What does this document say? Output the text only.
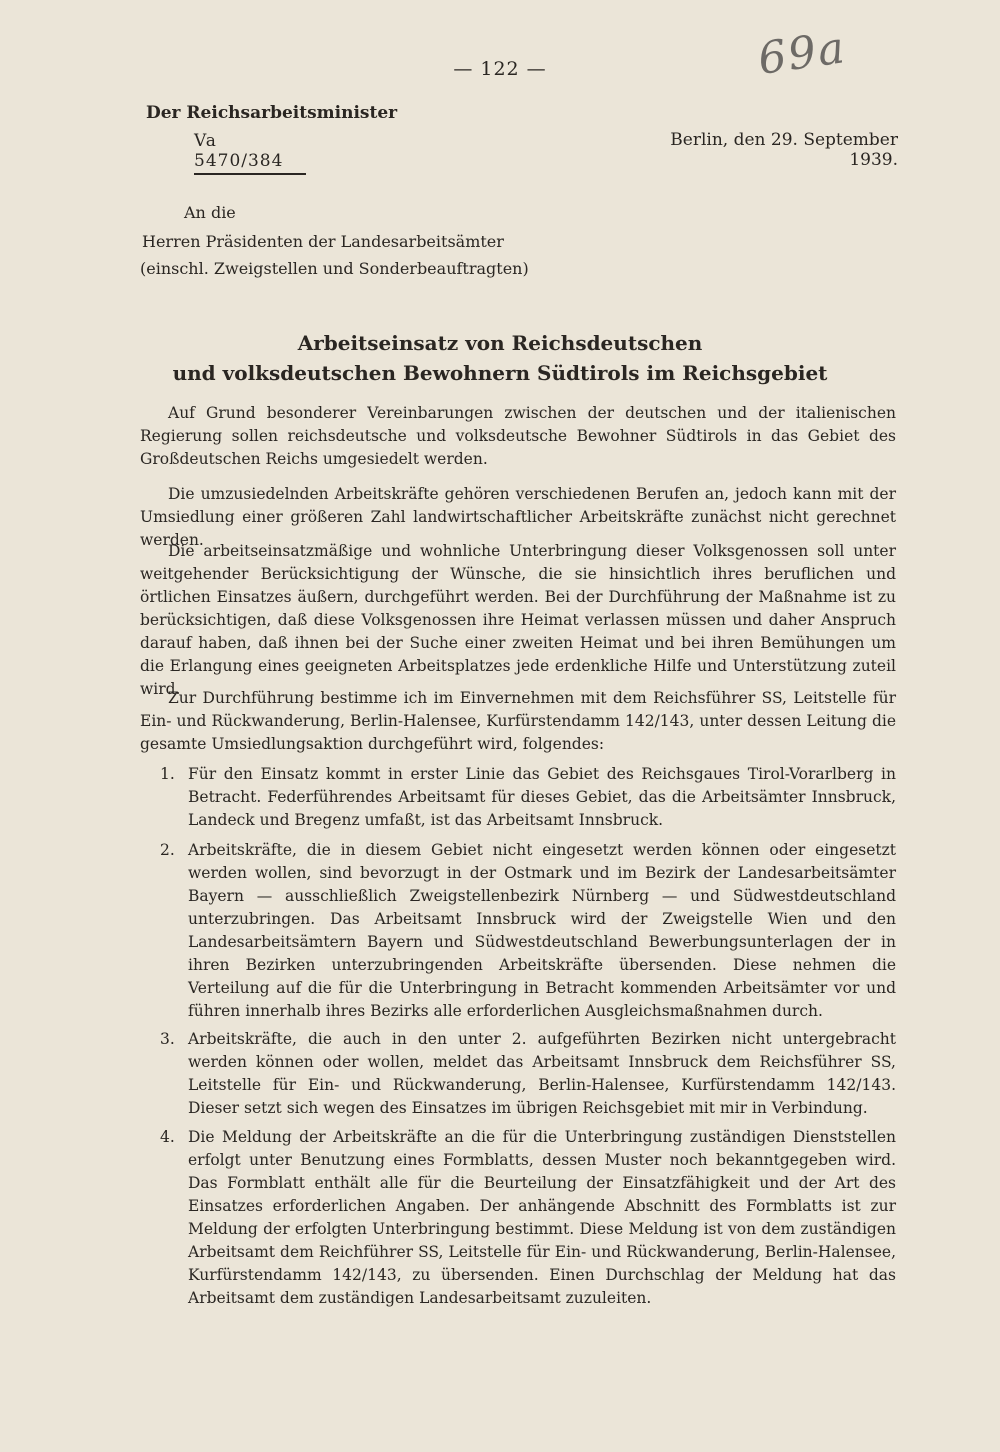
— 122 —	69a
Der Reichsarbeitsminister
Va 5470/384
Berlin, den 29. September 1939.
An die
Herren Präsidenten der Landesarbeitsämter
(einschl. Zweigstellen und Sonderbeauftragten)
Arbeitseinsatz von Reichsdeutschen
und volksdeutschen Bewohnern Südtirols im Reichsgebiet

Auf Grund besonderer Vereinbarungen zwischen der deutschen und der italienischen Regierung sollen reichsdeutsche und volksdeutsche Bewohner Südtirols in das Gebiet des Großdeutschen Reichs umgesiedelt werden.

Die umzusiedelnden Arbeitskräfte gehören verschiedenen Berufen an, jedoch kann mit der Umsiedlung einer größeren Zahl landwirtschaftlicher Arbeitskräfte zunächst nicht gerechnet werden.

Die arbeitseinsatzmäßige und wohnliche Unterbringung dieser Volksgenossen soll unter weitgehender Berücksichtigung der Wünsche, die sie hinsichtlich ihres beruflichen und örtlichen Einsatzes äußern, durchgeführt werden. Bei der Durchführung der Maßnahme ist zu berücksichtigen, daß diese Volksgenossen ihre Heimat verlassen müssen und daher Anspruch darauf haben, daß ihnen bei der Suche einer zweiten Heimat und bei ihren Bemühungen um die Erlangung eines geeigneten Arbeitsplatzes jede erdenkliche Hilfe und Unterstützung zuteil wird.

Zur Durchführung bestimme ich im Einvernehmen mit dem Reichsführer SS, Leitstelle für Ein- und Rückwanderung, Berlin-Halensee, Kurfürstendamm 142/143, unter dessen Leitung die gesamte Umsiedlungsaktion durchgeführt wird, folgendes:

1. Für den Einsatz kommt in erster Linie das Gebiet des Reichsgaues Tirol-Vorarlberg in Betracht. Federführendes Arbeitsamt für dieses Gebiet, das die Arbeitsämter Innsbruck, Landeck und Bregenz umfaßt, ist das Arbeitsamt Innsbruck.
2. Arbeitskräfte, die in diesem Gebiet nicht eingesetzt werden können oder eingesetzt werden wollen, sind bevorzugt in der Ostmark und im Bezirk der Landesarbeitsämter Bayern — ausschließlich Zweigstellenbezirk Nürnberg — und Südwestdeutschland unterzubringen. Das Arbeitsamt Innsbruck wird der Zweigstelle Wien und den Landesarbeitsämtern Bayern und Südwestdeutschland Bewerbungsunterlagen der in ihren Bezirken unterzubringenden Arbeitskräfte übersenden. Diese nehmen die Verteilung auf die für die Unterbringung in Betracht kommenden Arbeitsämter vor und führen innerhalb ihres Bezirks alle erforderlichen Ausgleichsmaßnahmen durch.
3. Arbeitskräfte, die auch in den unter 2. aufgeführten Bezirken nicht untergebracht werden können oder wollen, meldet das Arbeitsamt Innsbruck dem Reichsführer SS, Leitstelle für Ein- und Rückwanderung, Berlin-Halensee, Kurfürstendamm 142/143. Dieser setzt sich wegen des Einsatzes im übrigen Reichsgebiet mit mir in Verbindung.
4. Die Meldung der Arbeitskräfte an die für die Unterbringung zuständigen Dienststellen erfolgt unter Benutzung eines Formblatts, dessen Muster noch bekanntgegeben wird. Das Formblatt enthält alle für die Beurteilung der Einsatzfähigkeit und der Art des Einsatzes erforderlichen Angaben. Der anhängende Abschnitt des Formblatts ist zur Meldung der erfolgten Unterbringung bestimmt. Diese Meldung ist von dem zuständigen Arbeitsamt dem Reichführer SS, Leitstelle für Ein- und Rückwanderung, Berlin-Halensee, Kurfürstendamm 142/143, zu übersenden. Einen Durchschlag der Meldung hat das Arbeitsamt dem zuständigen Landesarbeitsamt zuzuleiten.
